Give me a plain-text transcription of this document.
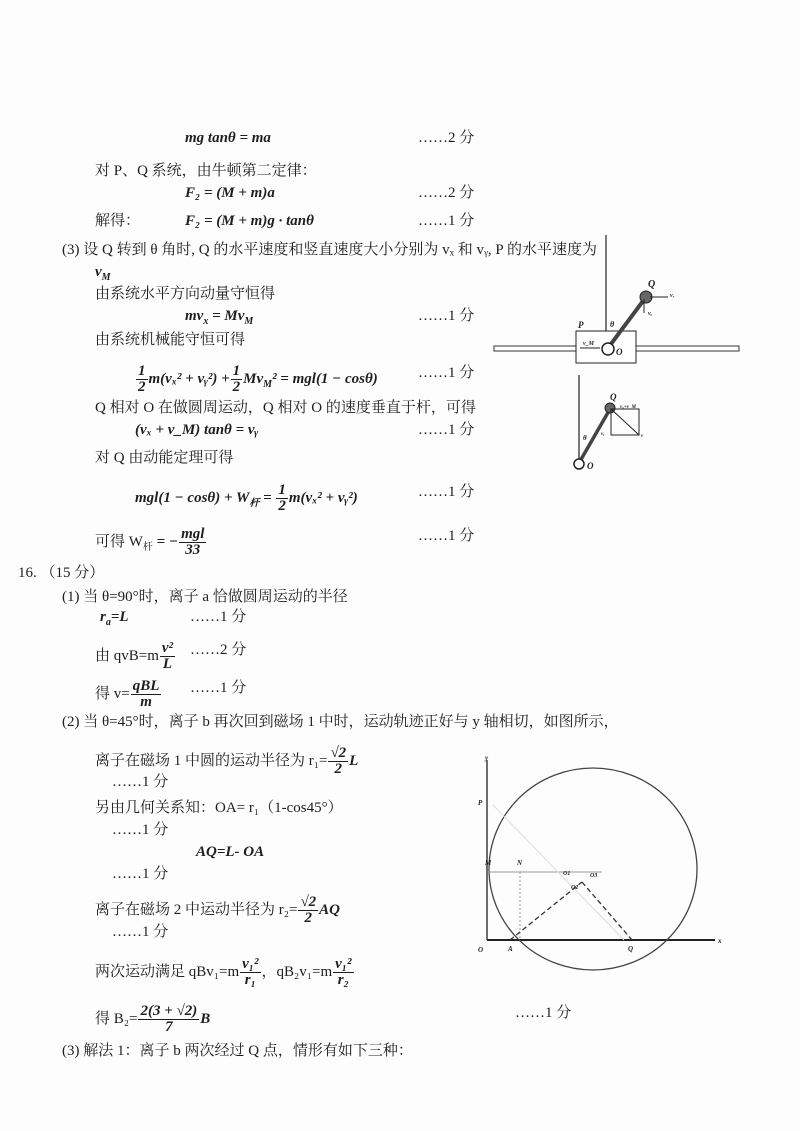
mg tanθ = ma	……2 分
对 P、Q 系统，由牛顿第二定律：
F₂ = (M + m)a	……2 分
解得：	F₂ = (M + m)g · tanθ	……1 分
(3) 设 Q 转到 θ 角时, Q 的水平速度和竖直速度大小分别为 vₓ 和 vᵧ, P 的水平速度为
$v_M$
由系统水平方向动量守恒得
$mv_x = Mv_M$	……1 分
由系统机械能守恒可得
$\frac{1}{2} m(v_x^2$ + vᵧ²) + $\frac{1}{2} Mv_M^2 = mgl(1 - \cos\theta)$	……1 分
Q 相对 O 在做圆周运动，Q 相对 O 的速度垂直于杆，可得
(vₓ + v_M) tanθ = vᵧ	……1 分
对 Q 由动能定理可得
$mgl(1 - \cos\theta) + W_杆 = \frac{1}{2} m(v_x^2$ + vᵧ²)	……1 分
可得 $W_杆$ = − mgl
33
……1 分
16. （15 分）
(1) 当 θ=90°时，离子 a 恰做圆周运动的半径
$r_a=L$	……1 分
由 $qvB=m \frac{\text{v²}}{L}$ ……2 分
得 v= qBL
m
……1 分
(2) 当 θ=45°时，离子 b 再次回到磁场 1 中时，运动轨迹正好与 y 轴相切，如图所示，
离子在磁场 1 中圆的运动半径为 $r_1= \frac{√2}{2}$ L
……1 分
另由几何关系知：OA= r₁（1-cos45°）
……1 分
AQ=L- OA
……1 分
离子在磁场 2 中运动半径为 $r_2= \frac{√2}{2}$ AQ
……1 分
两次运动满足 $qBv_1=m \frac{\text{v₁²}}{\text{r₁}}$ ，$qB_2v_1=m \frac{\text{v₁²}}{\text{r₂}}$
得 $B_2= \frac{2(3 + √2)}{7}$ B	……1 分
(3) 解法 1：离子 b 两次经过 Q 点，情形有如下三种：
Q
P
O
θ
vₓ
vᵧ
v_M
Q
O
θ
vₓ+v_M
vᵧ	v
y
x
P
M	N
O1	O3
O2
O	A	Q
